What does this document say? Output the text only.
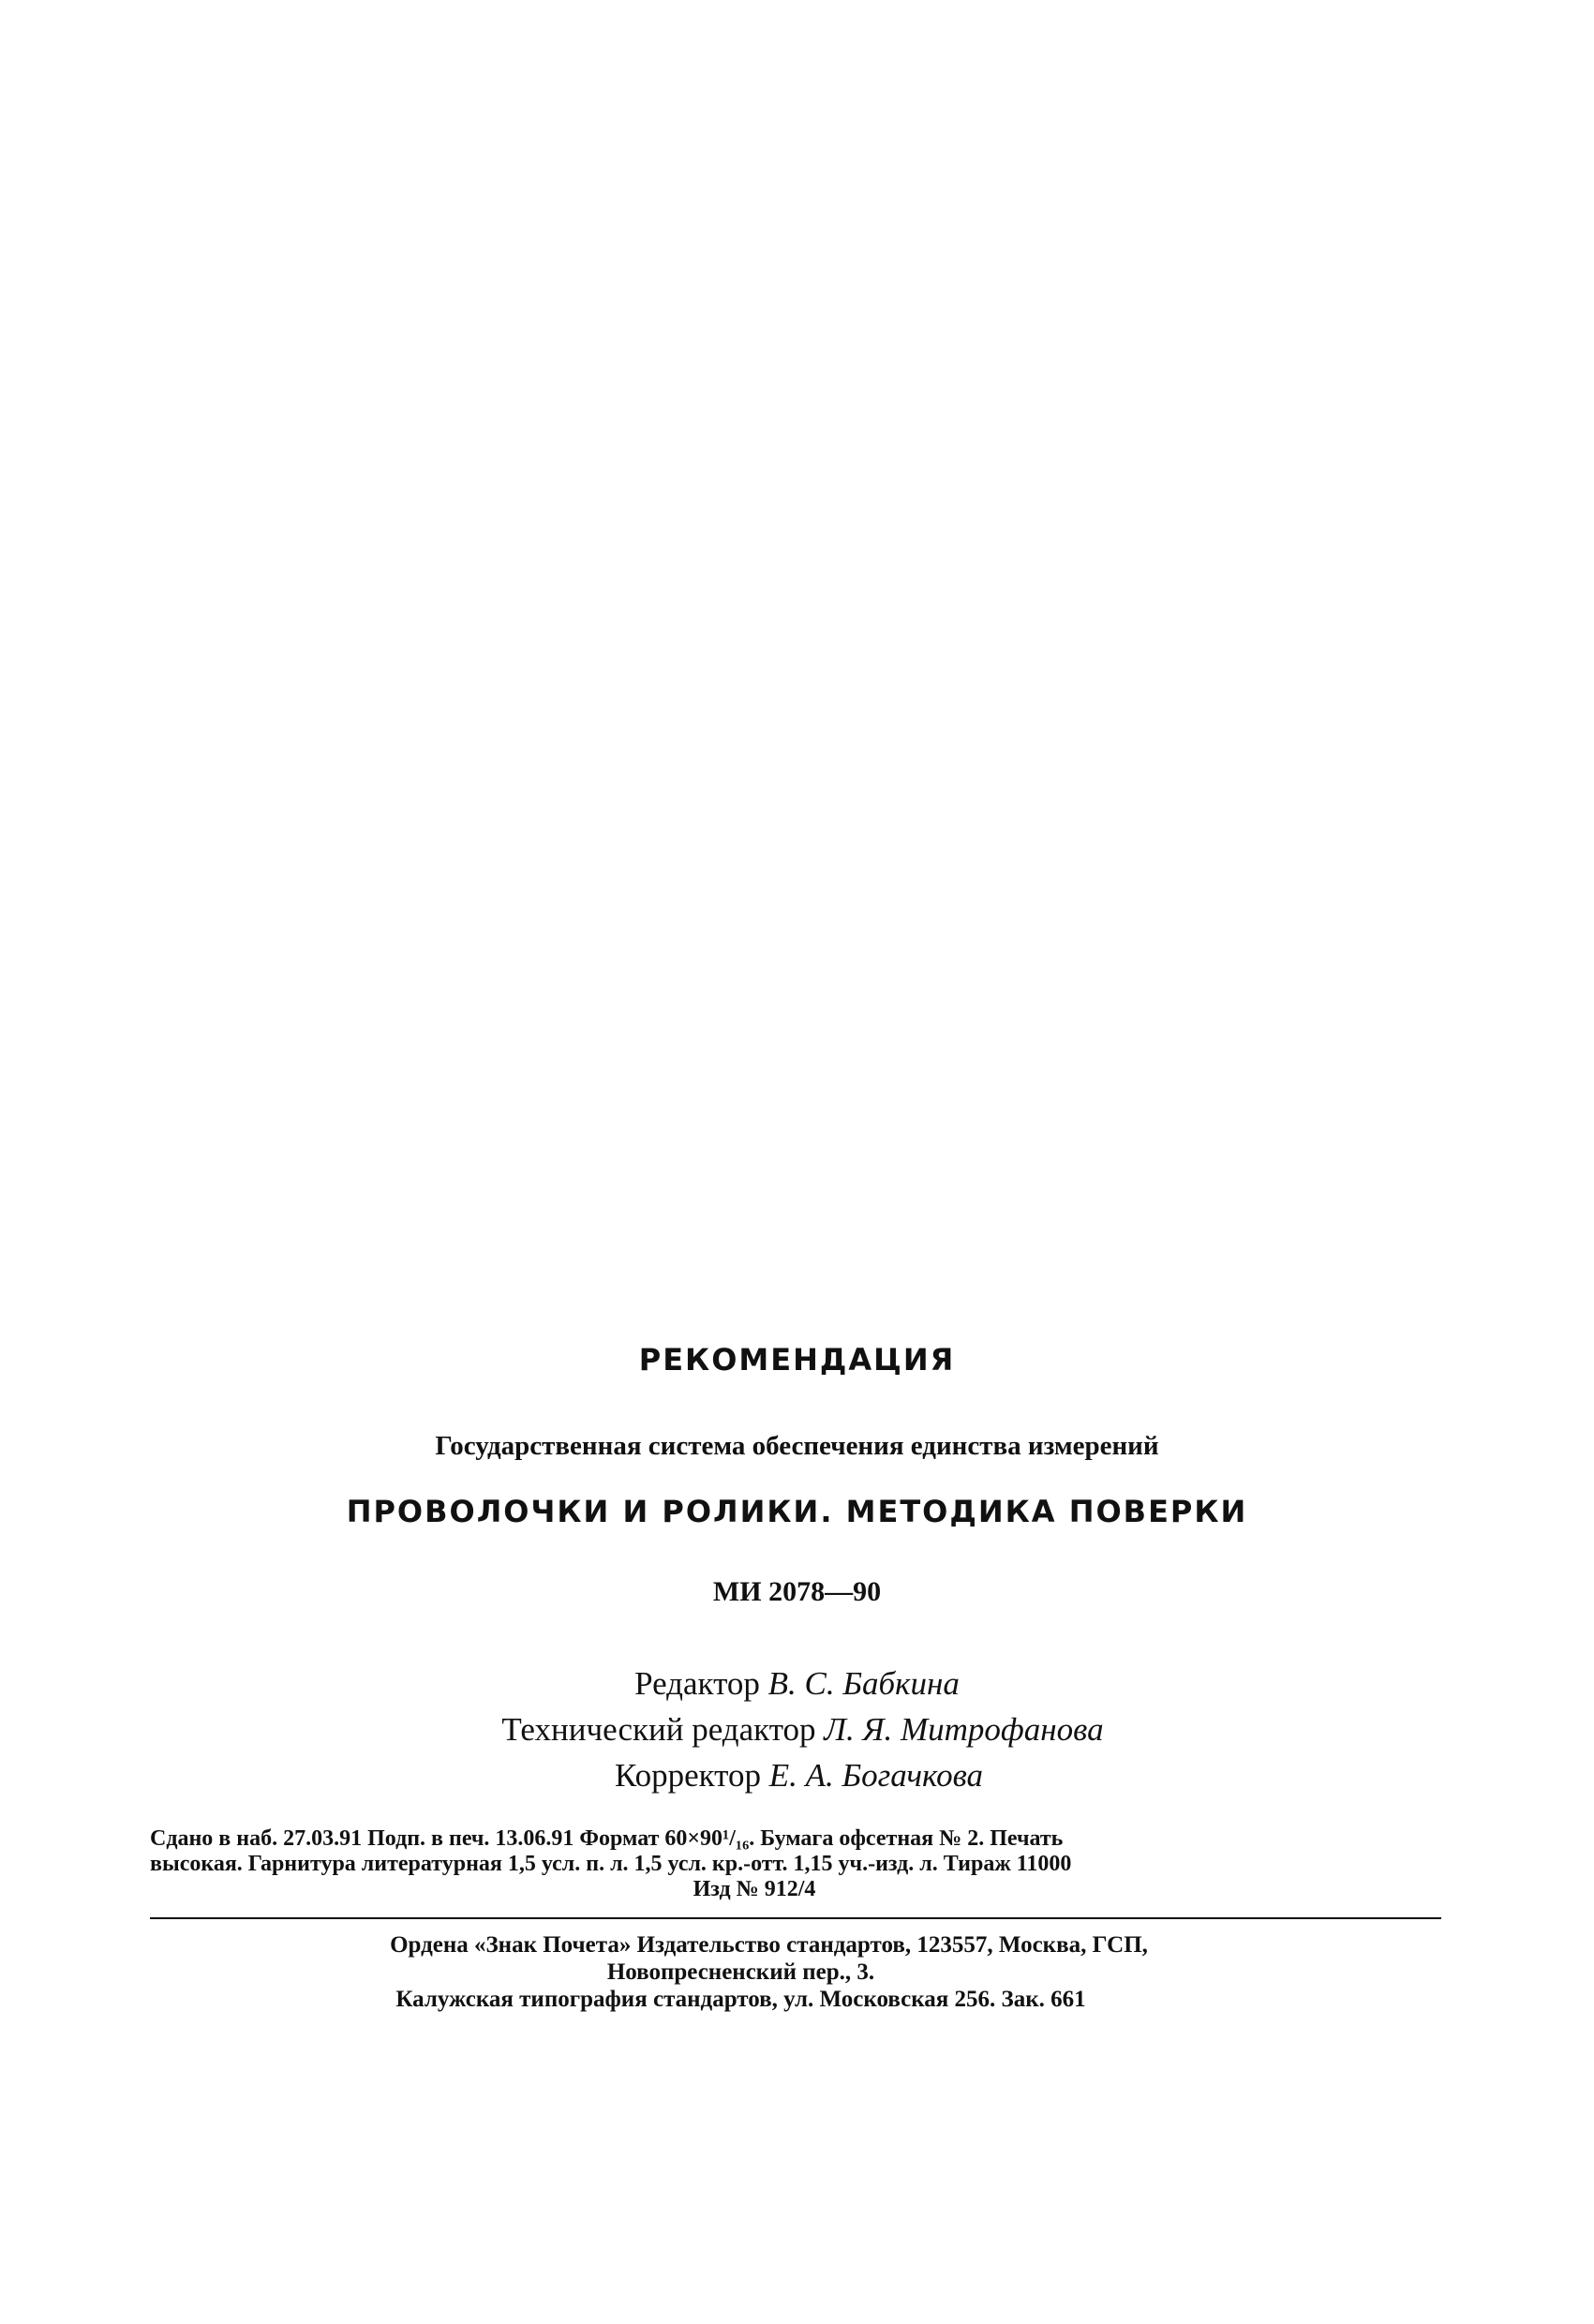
РЕКОМЕНДАЦИЯ
Государственная система обеспечения единства измерений
ПРОВОЛОЧКИ И РОЛИКИ. МЕТОДИКА ПОВЕРКИ
МИ 2078—90
Редактор В. С. Бабкина
Технический редактор Л. Я. Митрофанова
Корректор Е. А. Богачкова
Сдано в наб. 27.03.91 Подп. в печ. 13.06.91 Формат 60×90¹/₁₆. Бумага офсетная № 2. Печать
высокая. Гарнитура литературная 1,5 усл. п. л. 1,5 усл. кр.-отт. 1,15 уч.-изд. л. Тираж 11000
Изд № 912/4
Ордена «Знак Почета» Издательство стандартов, 123557, Москва, ГСП,
Новопресненский пер., 3.
Калужская типография стандартов, ул. Московская 256. Зак. 661
